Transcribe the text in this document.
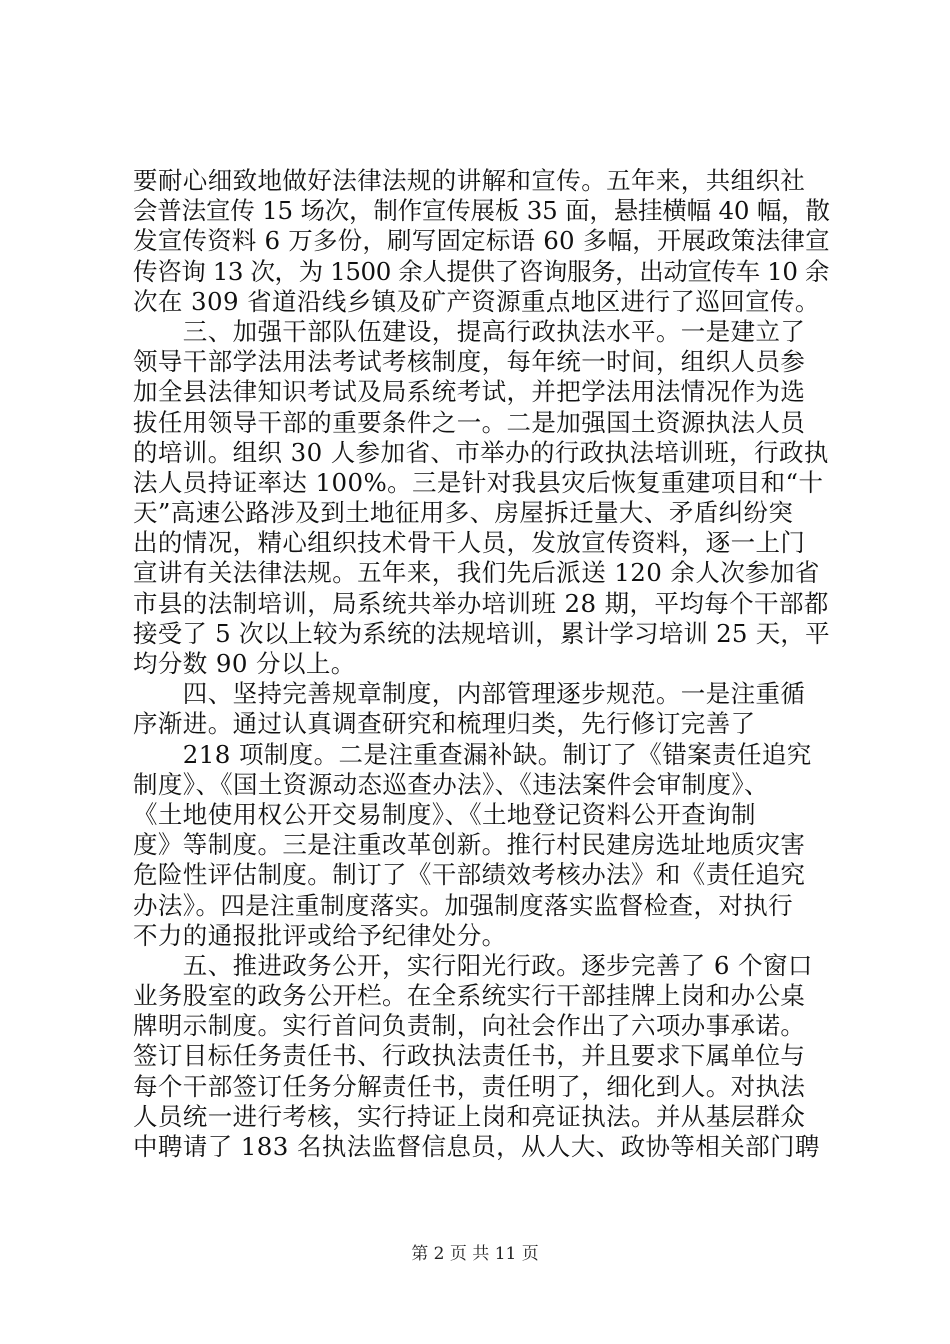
要耐心细致地做好法律法规的讲解和宣传。五年来，共组织社
会普法宣传 15 场次，制作宣传展板 35 面，悬挂横幅 40 幅，散
发宣传资料 6 万多份，刷写固定标语 60 多幅，开展政策法律宣
传咨询 13 次，为 1500 余人提供了咨询服务，出动宣传车 10 余
次在 309 省道沿线乡镇及矿产资源重点地区进行了巡回宣传。
　　三、加强干部队伍建设，提高行政执法水平。一是建立了
领导干部学法用法考试考核制度，每年统一时间，组织人员参
加全县法律知识考试及局系统考试，并把学法用法情况作为选
拔任用领导干部的重要条件之一。二是加强国土资源执法人员
的培训。组织 30 人参加省、市举办的行政执法培训班，行政执
法人员持证率达 100%。三是针对我县灾后恢复重建项目和“十
天”高速公路涉及到土地征用多、房屋拆迁量大、矛盾纠纷突
出的情况，精心组织技术骨干人员，发放宣传资料，逐一上门
宣讲有关法律法规。五年来，我们先后派送 120 余人次参加省
市县的法制培训，局系统共举办培训班 28 期，平均每个干部都
接受了 5 次以上较为系统的法规培训，累计学习培训 25 天，平
均分数 90 分以上。
　　四、坚持完善规章制度，内部管理逐步规范。一是注重循
序渐进。通过认真调查研究和梳理归类，先行修订完善了
　　218 项制度。二是注重查漏补缺。制订了《错案责任追究
制度》、《国土资源动态巡查办法》、《违法案件会审制度》、
《土地使用权公开交易制度》、《土地登记资料公开查询制
度》等制度。三是注重改革创新。推行村民建房选址地质灾害
危险性评估制度。制订了《干部绩效考核办法》和《责任追究
办法》。四是注重制度落实。加强制度落实监督检查，对执行
不力的通报批评或给予纪律处分。
　　五、推进政务公开，实行阳光行政。逐步完善了 6 个窗口
业务股室的政务公开栏。在全系统实行干部挂牌上岗和办公桌
牌明示制度。实行首问负责制，向社会作出了六项办事承诺。
签订目标任务责任书、行政执法责任书，并且要求下属单位与
每个干部签订任务分解责任书，责任明了，细化到人。对执法
人员统一进行考核，实行持证上岗和亮证执法。并从基层群众
中聘请了 183 名执法监督信息员，从人大、政协等相关部门聘
第 2 页 共 11 页
